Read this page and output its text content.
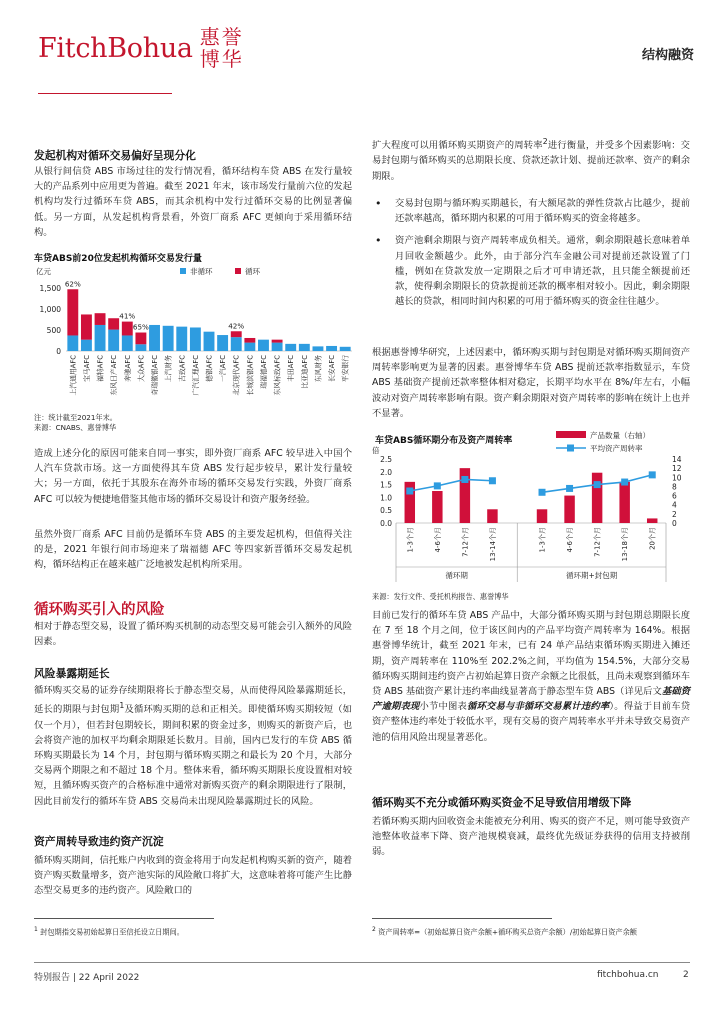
FitchBohua 惠 誉
博 华	结构融资
发起机构对循环交易偏好呈现分化
从银行间信贷 ABS 市场过往的发行情况看，循环结构车贷 ABS 在发行量较大的产品系列中应用更为普遍。截至 2021 年末，该市场发行量前六位的发起机构均发行过循环车贷 ABS，而其余机构中发行过循环交易的比例显著偏低。另一方面，从发起机构背景看，外资厂商系 AFC 更倾向于采用循环结构。
车贷ABS前20位发起机构循环交易发行量
亿元	非循环	循环
0
500
1,000
1,500
上汽通用AFC 宝马AFC 福特AFC 东风日产AFC 奔驰AFC 大众AFC 奇瑞徽银AFC 上汽财务 吉致AFC 广汽汇理AFC 德银AFC 一汽AFC 北京现代AFC 长城滨银AFC 瑞福德AFC 东风标致AFC 丰田AFC 比亚迪AFC 东风财务 长安AFC 平安银行
62%
41%
65%	42%
注：统计截至2021年末。
来源：CNABS、惠誉博华
造成上述分化的原因可能来自同一事实，即外资厂商系 AFC 较早进入中国个人汽车贷款市场。这一方面使得其车贷 ABS 发行起步较早，累计发行量较大；另一方面，依托于其股东在海外市场的循环交易发行实践，外资厂商系 AFC 可以较为便捷地借鉴其他市场的循环交易设计和资产服务经验。
虽然外资厂商系 AFC 目前仍是循环车贷 ABS 的主要发起机构，但值得关注的是，2021 年银行间市场迎来了瑞福德 AFC 等四家新晋循环交易发起机构，循环结构正在越来越广泛地被发起机构所采用。
循环购买引入的风险
相对于静态型交易，设置了循环购买机制的动态型交易可能会引入额外的风险因素。
风险暴露期延长
循环购买交易的证券存续期限将长于静态型交易，从而使得风险暴露期延长，延长的期限与封包期$^1$及循环购买期的总和正相关。即使循环购买期较短（如仅一个月），但若封包期较长，期间积累的资金过多，则购买的新资产后，也会将资产池的加权平均剩余期限延长数月。目前，国内已发行的车贷 ABS 循环购买期最长为 14 个月，封包期与循环购买期之和最长为 20 个月，大部分交易两个期限之和不超过 18 个月。整体来看，循环购买期限长度设置相对较短，且循环购买资产的合格标准中通常对新购买资产的剩余期限进行了限制，因此目前发行的循环车贷 ABS 交易尚未出现风险暴露期过长的风险。
资产周转导致违约资产沉淀
循环购买期间，信托账户内收到的资金将用于向发起机构购买新的资产，随着资产购买数量增多，资产池实际的风险敞口将扩大，这意味着将可能产生比静态型交易更多的违约资产。风险敞口的
$^1$ 封包期指交易初始起算日至信托设立日期间。
扩大程度可以用循环购买期资产的周转率$^2$进行衡量，并受多个因素影响：交易封包期与循环购买的总期限长度、贷款还款计划、提前还款率、资产的剩余期限。
• 交易封包期与循环购买期越长，有大额尾款的弹性贷款占比越少，提前还款率越高，循环期内积累的可用于循环购买的资金将越多。
• 资产池剩余期限与资产周转率成负相关。通常，剩余期限越长意味着单月回收金额越少。此外，由于部分汽车金融公司对提前还款设置了门槛，例如在贷款发放一定期限之后才可申请还款，且只能全额提前还款，使得剩余期限长的贷款提前还款的概率相对较小。因此，剩余期限越长的贷款，相同时间内积累的可用于循环购买的资金往往越少。
根据惠誉博华研究，上述因素中，循环购买期与封包期是对循环购买期间资产周转率影响更为显著的因素。惠誉博华车贷 ABS 提前还款率指数显示，车贷 ABS 基础资产提前还款率整体相对稳定，长期平均水平在 8%/年左右，小幅波动对资产周转率影响有限。资产剩余期限对资产周转率的影响在统计上也并不显著。
车贷ABS循环期分布及资产周转率
产品数量（右轴）
平均资产周转率
倍
0.0
0.5
1.0
1.5
2.0
2.5
0
2
4
6
8
10
12
14
1-3个月	4-6个月	7-12个月	13-14个月	1-3个月	4-6个月	7-12个月	13-18个月	20个月
循环期	循环期+封包期
来源：发行文件、受托机构报告、惠誉博华
目前已发行的循环车贷 ABS 产品中，大部分循环购买期与封包期总期限长度在 7 至 18 个月之间，位于该区间内的产品平均资产周转率为 164%。根据惠誉博华统计，截至 2021 年末，已有 24 单产品结束循环购买期进入摊还期，资产周转率在 110%至 202.2%之间，平均值为 154.5%，大部分交易循环购买期间违约资产占初始起算日资产余额之比很低，且尚未观察到循环车贷 ABS 基础资产累计违约率曲线显著高于静态型车贷 ABS（详见后文基础资产逾期表现小节中图表循环交易与非循环交易累计违约率）。得益于目前车贷资产整体违约率处于较低水平，现有交易的资产周转率水平并未导致交易资产池的信用风险出现显著恶化。
循环购买不充分或循环购买资金不足导致信用增级下降
若循环购买期内回收资金未能被充分利用、购买的资产不足，则可能导致资产池整体收益率下降、资产池规模衰减，最终优先级证券获得的信用支持被削弱。
$^2$ 资产周转率=（初始起算日资产余额+循环购买总资产余额）/初始起算日资产余额
特别报告 | 22 April 2022	fitchbohua.cn	2
